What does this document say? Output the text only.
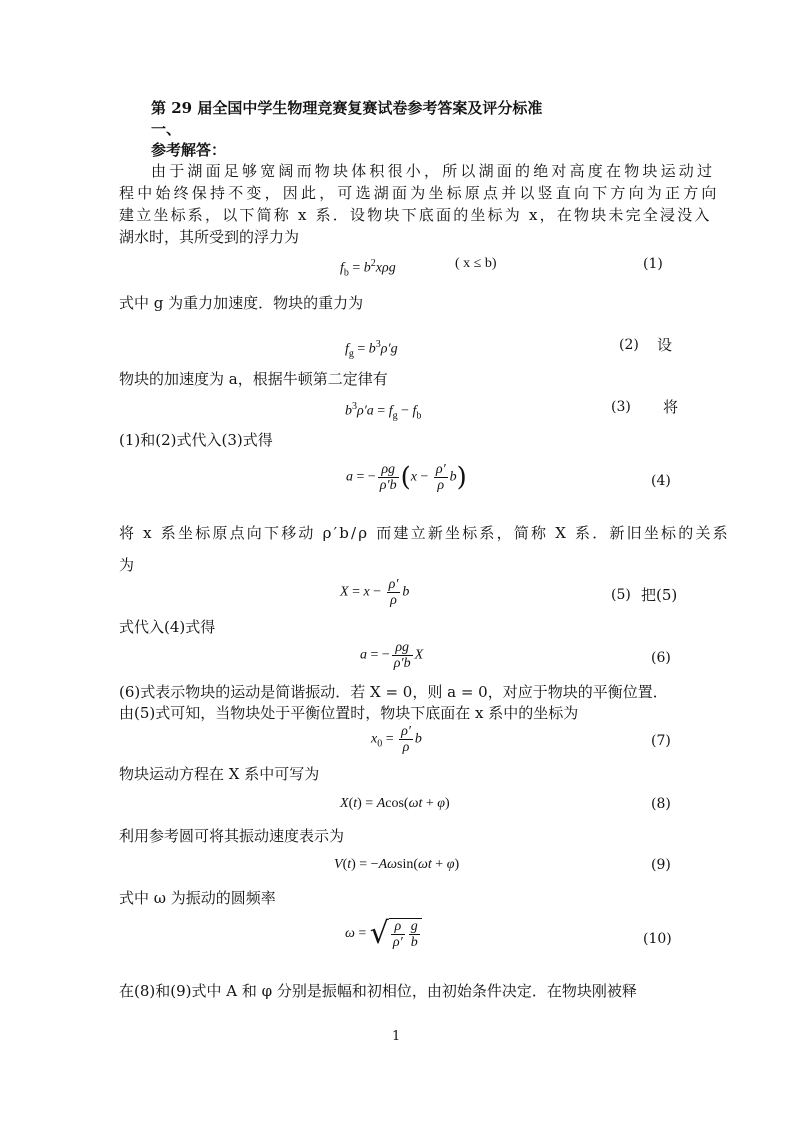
第 29 届全国中学生物理竞赛复赛试卷参考答案及评分标准
一、
参考解答：
由于湖面足够宽阔而物块体积很小，所以湖面的绝对高度在物块运动过
程中始终保持不变，因此，可选湖面为坐标原点并以竖直向下方向为正方向
建立坐标系，以下简称 x 系．设物块下底面的坐标为 x，在物块未完全浸没入
湖水时，其所受到的浮力为
$f_b = b^2x\rho g$	( x ≤ b)	(1)
式中 g 为重力加速度．物块的重力为
$f_g = b^3\rho'g$	(2) 设
物块的加速度为 a，根据牛顿第二定律有
$b^3\rho'a = f_g - f_b$
(3) 将
(1)和(2)式代入(3)式得
a = − $\frac{\rho g}{\rho'b} (x - \frac{\rho'}{\rho} b)$	(4)
将 x 系坐标原点向下移动 ρ′b/ρ 而建立新坐标系，简称 X 系．新旧坐标的关系
为
$X = x - \frac{\rho'}{\rho}$ b	(5) 把(5)
式代入(4)式得
a = − $\frac{\rho g}{\rho'b}$ X	(6)
(6)式表示物块的运动是简谐振动．若 X = 0，则 a = 0，对应于物块的平衡位置．
由(5)式可知，当物块处于平衡位置时，物块下底面在 x 系中的坐标为
$x_0 = \frac{\rho'}{\rho}$ b	(7)
物块运动方程在 X 系中可写为
X(t) = Acos(ωt + φ)	(8)
利用参考圆可将其振动速度表示为
V(t) = −Aωsin(ωt + φ)	(9)
式中 ω 为振动的圆频率
ω = √ $\frac{\rho}{\rho'} \frac{g}{b}$	(10)
在(8)和(9)式中 A 和 φ 分别是振幅和初相位，由初始条件决定．在物块刚被释
1
